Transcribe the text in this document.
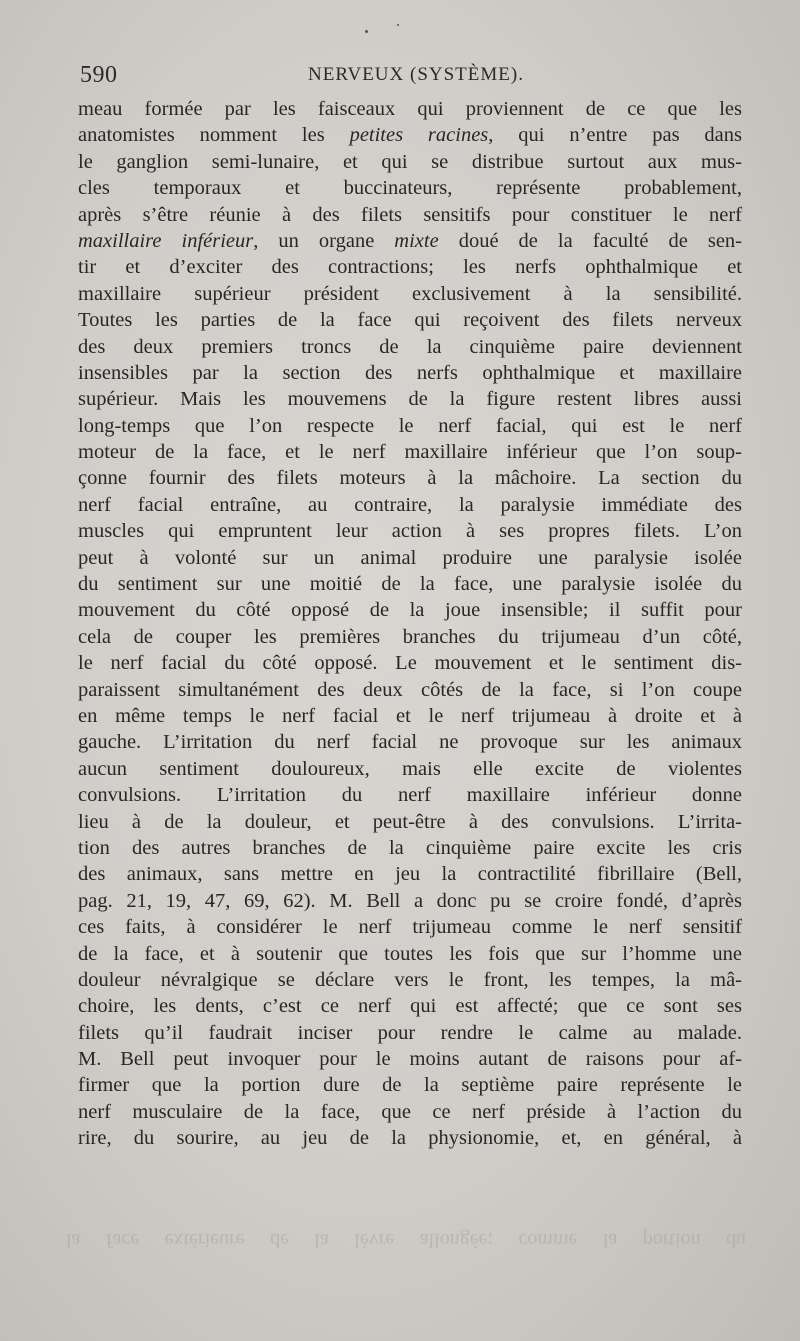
590	NERVEUX (SYSTÈME).
meau formée par les faisceaux qui proviennent de ce que les
anatomistes nomment les petites racines, qui n’entre pas dans
le ganglion semi-lunaire, et qui se distribue surtout aux mus-
cles temporaux et buccinateurs, représente probablement,
après s’être réunie à des filets sensitifs pour constituer le nerf
maxillaire inférieur, un organe mixte doué de la faculté de sen-
tir et d’exciter des contractions; les nerfs ophthalmique et
maxillaire supérieur président exclusivement à la sensibilité.
Toutes les parties de la face qui reçoivent des filets nerveux
des deux premiers troncs de la cinquième paire deviennent
insensibles par la section des nerfs ophthalmique et maxillaire
supérieur. Mais les mouvemens de la figure restent libres aussi
long-temps que l’on respecte le nerf facial, qui est le nerf
moteur de la face, et le nerf maxillaire inférieur que l’on soup-
çonne fournir des filets moteurs à la mâchoire. La section du
nerf facial entraîne, au contraire, la paralysie immédiate des
muscles qui empruntent leur action à ses propres filets. L’on
peut à volonté sur un animal produire une paralysie isolée
du sentiment sur une moitié de la face, une paralysie isolée du
mouvement du côté opposé de la joue insensible; il suffit pour
cela de couper les premières branches du trijumeau d’un côté,
le nerf facial du côté opposé. Le mouvement et le sentiment dis-
paraissent simultanément des deux côtés de la face, si l’on coupe
en même temps le nerf facial et le nerf trijumeau à droite et à
gauche. L’irritation du nerf facial ne provoque sur les animaux
aucun sentiment douloureux, mais elle excite de violentes
convulsions. L’irritation du nerf maxillaire inférieur donne
lieu à de la douleur, et peut-être à des convulsions. L’irrita-
tion des autres branches de la cinquième paire excite les cris
des animaux, sans mettre en jeu la contractilité fibrillaire (Bell,
pag. 21, 19, 47, 69, 62). M. Bell a donc pu se croire fondé, d’après
ces faits, à considérer le nerf trijumeau comme le nerf sensitif
de la face, et à soutenir que toutes les fois que sur l’homme une
douleur névralgique se déclare vers le front, les tempes, la mâ-
choire, les dents, c’est ce nerf qui est affecté; que ce sont ses
filets qu’il faudrait inciser pour rendre le calme au malade.
M. Bell peut invoquer pour le moins autant de raisons pour af-
firmer que la portion dure de la septième paire représente le
nerf musculaire de la face, que ce nerf préside à l’action du
rire, du sourire, au jeu de la physionomie, et, en général, à
la face extérieure de la lèvre allongée; comme la portion du
